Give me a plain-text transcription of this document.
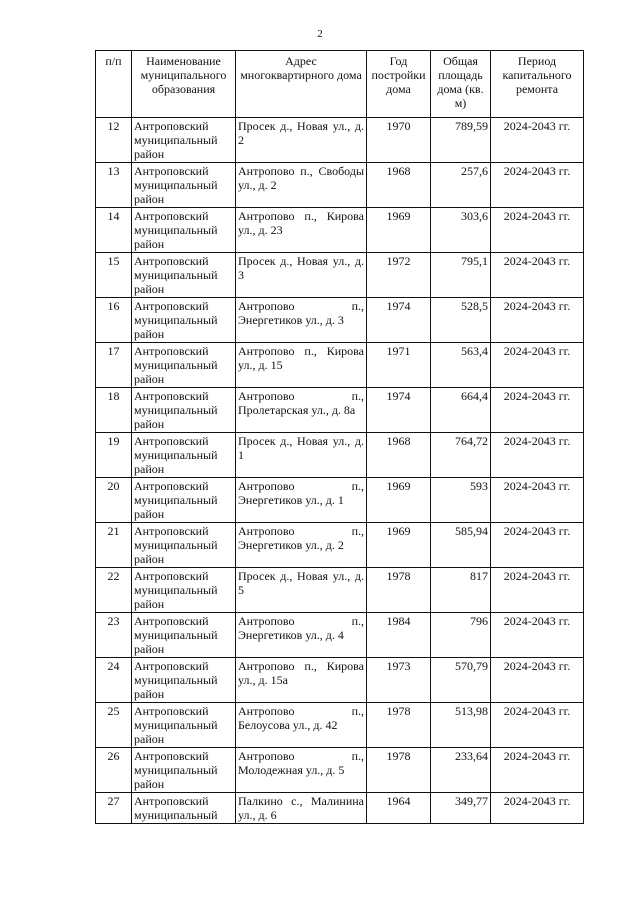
2
п/п	Наименование муниципального образования	Адрес многоквартирного дома	Год постройки дома	Общая площадь дома (кв. м)	Период капитального ремонта
12	Антроповский муниципальный район	Просек д., Новая ул., д. 2	1970	789,59	2024-2043 гг.
13	Антроповский муниципальный район	Антропово п., Свободы ул., д. 2	1968	257,6	2024-2043 гг.
14	Антроповский муниципальный район	Антропово п., Кирова ул., д. 23	1969	303,6	2024-2043 гг.
15	Антроповский муниципальный район	Просек д., Новая ул., д. 3	1972	795,1	2024-2043 гг.
16	Антроповский муниципальный район	Антропово п., Энергетиков ул., д. 3	1974	528,5	2024-2043 гг.
17	Антроповский муниципальный район	Антропово п., Кирова ул., д. 15	1971	563,4	2024-2043 гг.
18	Антроповский муниципальный район	Антропово п., Пролетарская ул., д. 8а	1974	664,4	2024-2043 гг.
19	Антроповский муниципальный район	Просек д., Новая ул., д. 1	1968	764,72	2024-2043 гг.
20	Антроповский муниципальный район	Антропово п., Энергетиков ул., д. 1	1969	593	2024-2043 гг.
21	Антроповский муниципальный район	Антропово п., Энергетиков ул., д. 2	1969	585,94	2024-2043 гг.
22	Антроповский муниципальный район	Просек д., Новая ул., д. 5	1978	817	2024-2043 гг.
23	Антроповский муниципальный район	Антропово п., Энергетиков ул., д. 4	1984	796	2024-2043 гг.
24	Антроповский муниципальный район	Антропово п., Кирова ул., д. 15а	1973	570,79	2024-2043 гг.
25	Антроповский муниципальный район	Антропово п., Белоусова ул., д. 42	1978	513,98	2024-2043 гг.
26	Антроповский муниципальный район	Антропово п., Молодежная ул., д. 5	1978	233,64	2024-2043 гг.
27	Антроповский муниципальный	Палкино с., Малинина ул., д. 6	1964	349,77	2024-2043 гг.
